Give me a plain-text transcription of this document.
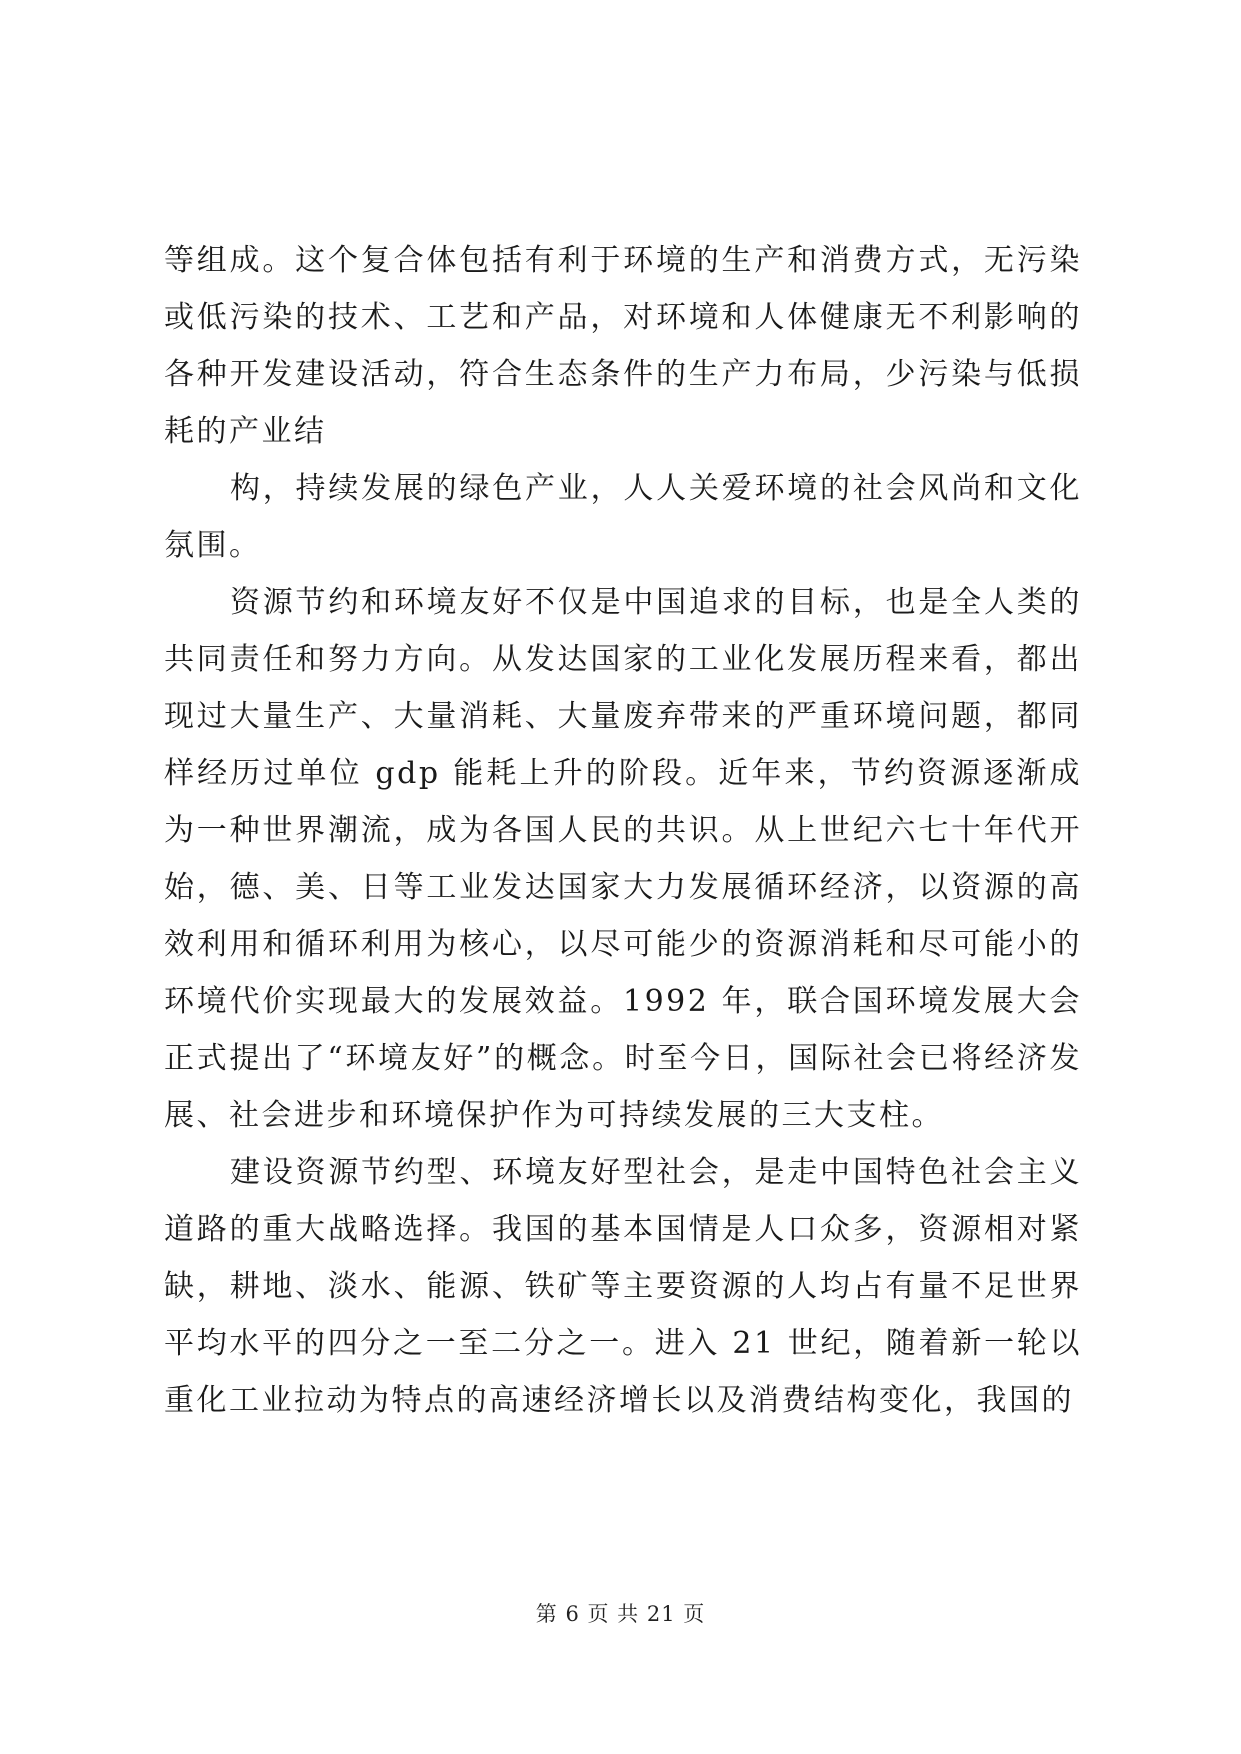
等组成。这个复合体包括有利于环境的生产和消费方式，无污染或低污染的技术、工艺和产品，对环境和人体健康无不利影响的各种开发建设活动，符合生态条件的生产力布局，少污染与低损耗的产业结

构，持续发展的绿色产业，人人关爱环境的社会风尚和文化氛围。

资源节约和环境友好不仅是中国追求的目标，也是全人类的共同责任和努力方向。从发达国家的工业化发展历程来看，都出现过大量生产、大量消耗、大量废弃带来的严重环境问题，都同样经历过单位 gdp 能耗上升的阶段。近年来，节约资源逐渐成为一种世界潮流，成为各国人民的共识。从上世纪六七十年代开始，德、美、日等工业发达国家大力发展循环经济，以资源的高效利用和循环利用为核心，以尽可能少的资源消耗和尽可能小的环境代价实现最大的发展效益。1992 年，联合国环境发展大会正式提出了“环境友好”的概念。时至今日，国际社会已将经济发展、社会进步和环境保护作为可持续发展的三大支柱。

建设资源节约型、环境友好型社会，是走中国特色社会主义道路的重大战略选择。我国的基本国情是人口众多，资源相对紧缺，耕地、淡水、能源、铁矿等主要资源的人均占有量不足世界平均水平的四分之一至二分之一。进入 21 世纪，随着新一轮以重化工业拉动为特点的高速经济增长以及消费结构变化，我国的

第 6 页 共 21 页
